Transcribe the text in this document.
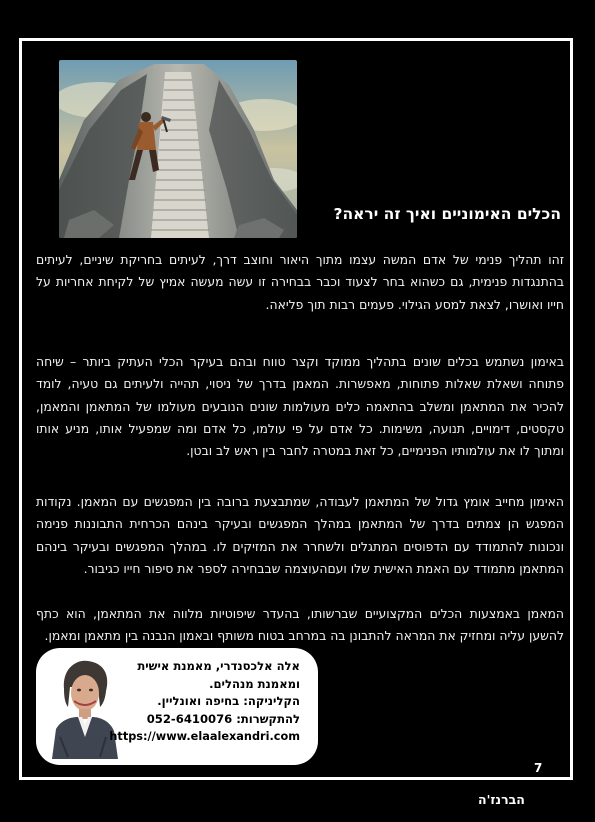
הכלים האימוניים ואיך זה יראה?
זהו תהליך פנימי של אדם המשה עצמו מתוך היאור וחוצב דרך, לעיתים בחריקת שיניים, לעיתים בהתנגדות פנימית, גם כשהוא בחר לצעוד וכבר בבחירה זו עשה מעשה אמיץ של לקיחת אחריות על חייו ואושרו, לצאת למסע הגילוי. פעמים רבות תוך פליאה.
באימון נשתמש בכלים שונים בתהליך ממוקד וקצר טווח ובהם בעיקר הכלי העתיק ביותר – שיחה פתוחה ושאלת שאלות פתוחות, מאפשרות. המאמן בדרך של ניסוי, תהייה ולעיתים גם טעיה, לומד להכיר את המתאמן ומשלב בהתאמה כלים מעולמות שונים הנובעים מעולמו של המתאמן והמאמן, טקסטים, דימויים, תנועה, משימות. כל אדם על פי עולמו, כל אדם ומה שמפעיל אותו, מניע אותו ומתוך לו את עולמותיו הפנימיים, כל זאת במטרה לחבר בין ראש לב ובטן.
האימון מחייב אומץ גדול של המתאמן לעבודה, שמתבצעת ברובה בין המפגשים עם המאמן. נקודות המפגש הן צמתים בדרך של המתאמן במהלך המפגשים ובעיקר בינהם הכרחית התבוננות פנימה ונכונות להתמודד עם הדפוסים המתגלים ולשחרר את המזיקים לו. במהלך המפגשים ובעיקר בינהם המתאמן מתמודד עם האמת האישית שלו ועםהעוצמה שבבחירה לספר את סיפור חייו כגיבור.
המאמן באמצעות הכלים המקצועיים שברשותו, בהעדר שיפוטיות מלווה את המתאמן, הוא כתף להשען עליה ומחזיק את המראה להתבונן בה במרחב בטוח משותף ובאמון הנבנה בין מתאמן ומאמן.
אלה אלכסנדרי, מאמנת אישית
ומאמנת מנהלים.
הקליניקה: בחיפה ואונליין.
להתקשרות: 052-6410076
https://www.elaalexandri.com
7
הברנז'ה
